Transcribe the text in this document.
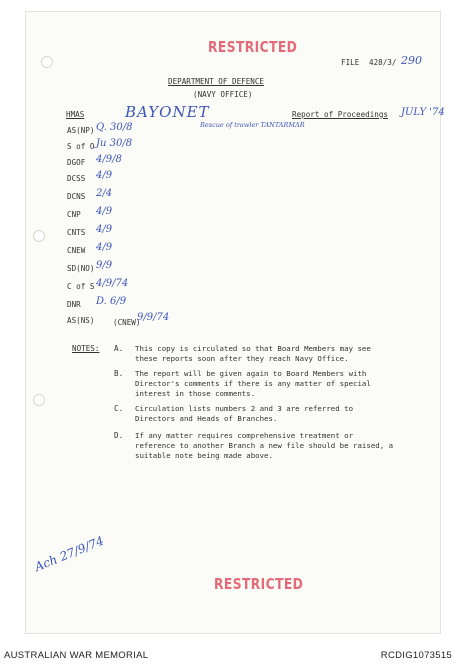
RESTRICTED
FILE 428/3/ 290
DEPARTMENT OF DEFENCE
(NAVY OFFICE)
HMAS	BAYONET	Report of Proceedings JULY '74
Rescue of trawler TANTARMAR
AS(NP) Q. 30/8
S of O Ju 30/8
DGOF 4/9/8
DCSS 4/9
DCNS 2/4
CNP 4/9
CNTS 4/9
CNEW 4/9
SD(NO) 9/9
C of S 4/9/74
DNR D. 6/9
AS(NS)	9/9/74
(CNEW)
NOTES: A. This copy is circulated so that Board Members may see these reports soon after they reach Navy Office.
B. The report will be given again to Board Members with Director's comments if there is any matter of special interest in those comments.
C. Circulation lists numbers 2 and 3 are referred to Directors and Heads of Branches.
D. If any matter requires comprehensive treatment or reference to another Branch a new file should be raised, a suitable note being made above.
Ach 27/9/74
RESTRICTED
AUSTRALIAN WAR MEMORIAL	RCDIG1073515
